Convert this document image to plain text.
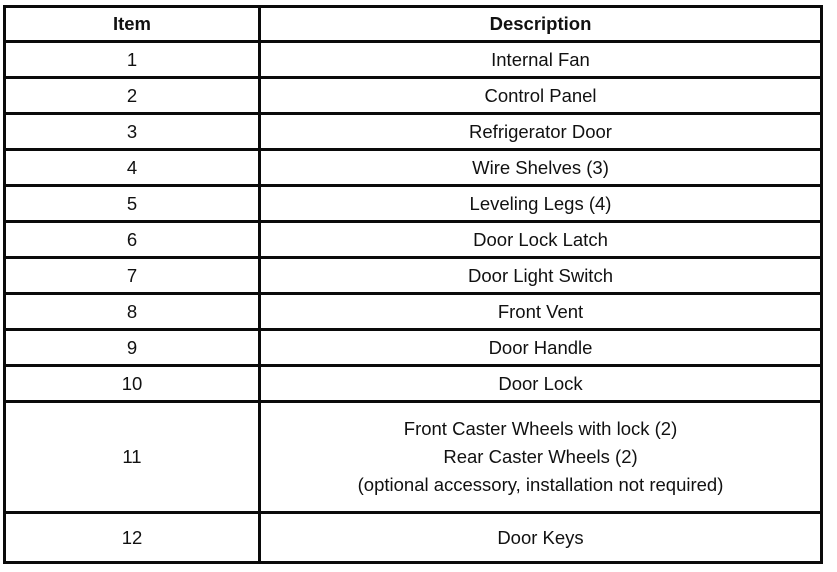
Item	Description
1	Internal Fan
2	Control Panel
3	Refrigerator Door
4	Wire Shelves (3)
5	Leveling Legs (4)
6	Door Lock Latch
7	Door Light Switch
8	Front Vent
9	Door Handle
10	Door Lock
11	Front Caster Wheels with lock (2)
Rear Caster Wheels (2)
(optional accessory, installation not required)

12	Door Keys
